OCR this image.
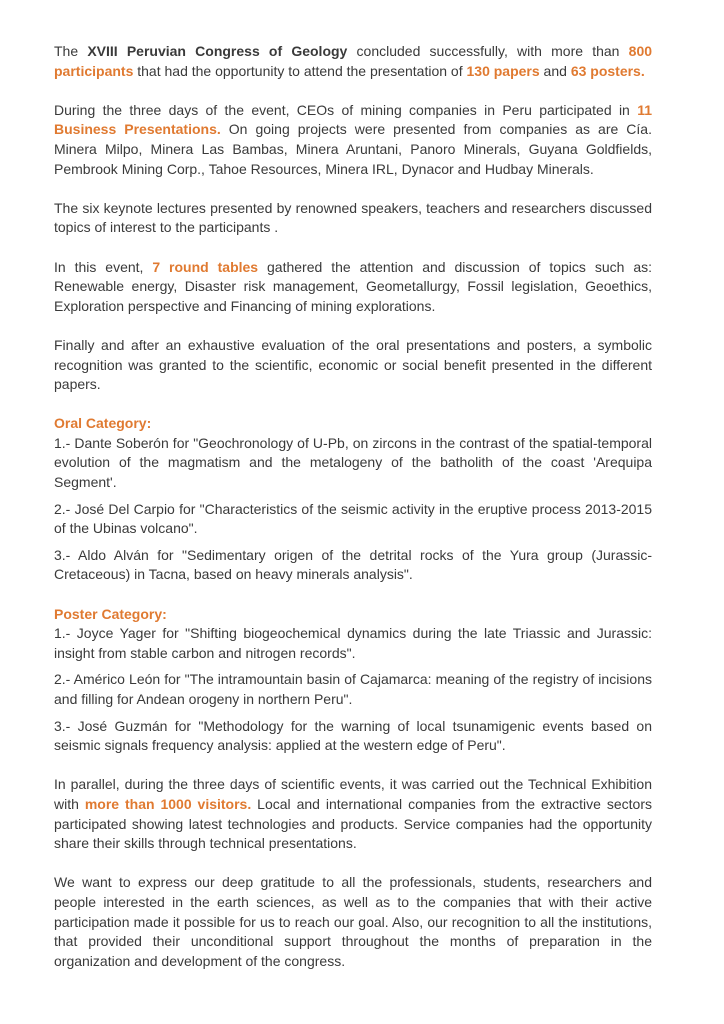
The XVIII Peruvian Congress of Geology concluded successfully, with more than 800 participants that had the opportunity to attend the presentation of 130 papers and 63 posters.

During the three days of the event, CEOs of mining companies in Peru participated in 11 Business Presentations. On going projects were presented from companies as are Cía. Minera Milpo, Minera Las Bambas, Minera Aruntani, Panoro Minerals, Guyana Goldfields, Pembrook Mining Corp., Tahoe Resources, Minera IRL, Dynacor and Hudbay Minerals.

The six keynote lectures presented by renowned speakers, teachers and researchers discussed topics of interest to the participants .

In this event, 7 round tables gathered the attention and discussion of topics such as: Renewable energy, Disaster risk management, Geometallurgy, Fossil legislation, Geoethics, Exploration perspective and Financing of mining explorations.

Finally and after an exhaustive evaluation of the oral presentations and posters, a symbolic recognition was granted to the scientific, economic or social benefit presented in the different papers.

Oral Category:

1.- Dante Soberón for "Geochronology of U-Pb, on zircons in the contrast of the spatial-temporal evolution of the magmatism and the metalogeny of the batholith of the coast 'Arequipa Segment'.

2.- José Del Carpio for "Characteristics of the seismic activity in the eruptive process 2013-2015 of the Ubinas volcano".

3.- Aldo Alván for "Sedimentary origen of the detrital rocks of the Yura group (Jurassic-Cretaceous) in Tacna, based on heavy minerals analysis".

Poster Category:

1.- Joyce Yager for "Shifting biogeochemical dynamics during the late Triassic and Jurassic: insight from stable carbon and nitrogen records".

2.- Américo León for "The intramountain basin of Cajamarca: meaning of the registry of incisions and filling for Andean orogeny in northern Peru".

3.- José Guzmán for "Methodology for the warning of local tsunamigenic events based on seismic signals frequency analysis: applied at the western edge of Peru".

In parallel, during the three days of scientific events, it was carried out the Technical Exhibition with more than 1000 visitors. Local and international companies from the extractive sectors participated showing latest technologies and products. Service companies had the opportunity share their skills through technical presentations.

We want to express our deep gratitude to all the professionals, students, researchers and people interested in the earth sciences, as well as to the companies that with their active participation made it possible for us to reach our goal. Also, our recognition to all the institutions, that provided their unconditional support throughout the months of preparation in the organization and development of the congress.
